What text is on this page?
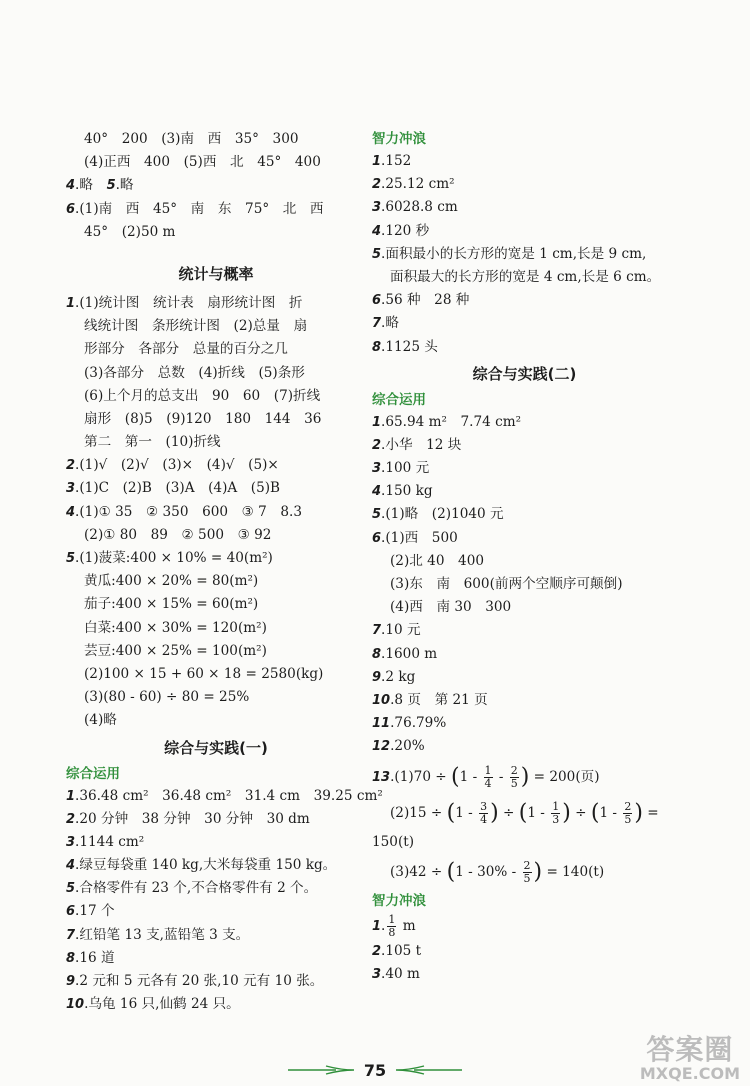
40°　200　(3)南　西　35°　300
(4)正西　400　(5)西　北　45°　400
4.略　5.略
6.(1)南　西　45°　南　东　75°　北　西
45°　(2)50 m
统计与概率
1.(1)统计图　统计表　扇形统计图　折
线统计图　条形统计图　(2)总量　扇
形部分　各部分　总量的百分之几
(3)各部分　总数　(4)折线　(5)条形
(6)上个月的总支出　90　60　(7)折线
扇形　(8)5　(9)120　180　144　36
第二　第一　(10)折线
2.(1)√　(2)√　(3)×　(4)√　(5)×
3.(1)C　(2)B　(3)A　(4)A　(5)B
4.(1)① 35　② 350　600　③ 7　8.3
(2)① 80　89　② 500　③ 92
5.(1)菠菜:400 × 10% = 40(m²)
黄瓜:400 × 20% = 80(m²)
茄子:400 × 15% = 60(m²)
白菜:400 × 30% = 120(m²)
芸豆:400 × 25% = 100(m²)
(2)100 × 15 + 60 × 18 = 2580(kg)
(3)(80 - 60) ÷ 80 = 25%
(4)略
综合与实践(一)
综合运用
1.36.48 cm²　36.48 cm²　31.4 cm　39.25 cm²
2.20 分钟　38 分钟　30 分钟　30 dm
3.1144 cm²
4.绿豆每袋重 140 kg,大米每袋重 150 kg。
5.合格零件有 23 个,不合格零件有 2 个。
6.17 个
7.红铅笔 13 支,蓝铅笔 3 支。
8.16 道
9.2 元和 5 元各有 20 张,10 元有 10 张。
10.乌龟 16 只,仙鹤 24 只。
智力冲浪
1.152
2.25.12 cm²
3.6028.8 cm
4.120 秒
5.面积最小的长方形的宽是 1 cm,长是 9 cm,
面积最大的长方形的宽是 4 cm,长是 6 cm。
6.56 种　28 种
7.略
8.1125 头
综合与实践(二)
综合运用
1.65.94 m²　7.74 cm²
2.小华　12 块
3.100 元
4.150 kg
5.(1)略　(2)1040 元
6.(1)西　500
(2)北 40　400
(3)东　南　600(前两个空顺序可颠倒)
(4)西　南 30　300
7.10 元
8.1600 m
9.2 kg
10.8 页　第 21 页
11.76.79%
12.20%
$13.(1)70 \div (1 - \frac{1}{4} - \frac{2}{5}$ ) = 200(页)
$(2)15 \div (1 - \frac{3}{4}$ ) ÷ ($1 - \frac{1}{3}$ ) ÷ ($1 - \frac{2}{5}$ ) =
150(t)
$(3)42 \div (1 - 30\% - \frac{2}{5}$ ) = 140(t)
智力冲浪
1. $\frac{1}{8}$ m
2.105 t
3.40 m
75
答案圈
MXQE.COM
